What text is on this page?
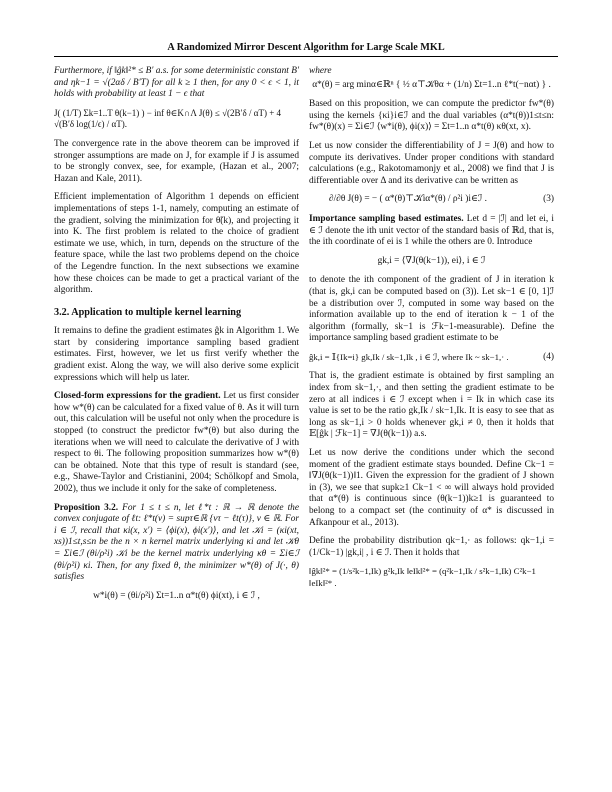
A Randomized Mirror Descent Algorithm for Large Scale MKL

Furthermore, if ‖ĝk‖²* ≤ B′ a.s. for some deterministic constant B′ and ηk−1 = √(2αδ / B′T) for all k ≥ 1 then, for any 0 < ϵ < 1, it holds with probability at least 1 − ϵ that

J( (1/T) Σk=1..T θ(k−1) ) − inf θ∈K∩Λ J(θ) ≤ √(2B′δ / αT) + 4 √(B′δ log(1/ϵ) / αT).

The convergence rate in the above theorem can be improved if stronger assumptions are made on J, for example if J is assumed to be strongly convex, see, for example, (Hazan et al., 2007; Hazan and Kale, 2011).

Efficient implementation of Algorithm 1 depends on efficient implementations of steps 1-1, namely, computing an estimate of the gradient, solving the minimization for θ̃(k), and projecting it into K. The first problem is related to the choice of gradient estimate we use, which, in turn, depends on the structure of the feature space, while the last two problems depend on the choice of the Legendre function. In the next subsections we examine how these choices can be made to get a practical variant of the algorithm.

3.2. Application to multiple kernel learning

It remains to define the gradient estimates ĝk in Algorithm 1. We start by considering importance sampling based gradient estimates. First, however, we let us first verify whether the gradient exist. Along the way, we will also derive some explicit expressions which will help us later.

Closed-form expressions for the gradient. Let us first consider how w*(θ) can be calculated for a fixed value of θ. As it will turn out, this calculation will be useful not only when the procedure is stopped (to construct the predictor fw*(θ) but also during the iterations when we will need to calculate the derivative of J with respect to θi. The following proposition summarizes how w*(θ) can be obtained. Note that this type of result is standard (see, e.g., Shawe-Taylor and Cristianini, 2004; Schölkopf and Smola, 2002), thus we include it only for the sake of completeness.

Proposition 3.2. For 1 ≤ t ≤ n, let ℓ*t : ℝ → ℝ denote the convex conjugate of ℓt: ℓ*t(v) = supτ∈ℝ {vτ − ℓt(τ)}, v ∈ ℝ. For i ∈ ℐ, recall that κi(x, x′) = ⟨ϕi(x), ϕi(x′)⟩, and let 𝒦i = (κi(xt, xs))1≤t,s≤n be the n × n kernel matrix underlying κi and let 𝒦θ = Σi∈ℐ (θi/ρ²i) 𝒦i be the kernel matrix underlying κθ = Σi∈ℐ (θi/ρ²i) κi. Then, for any fixed θ, the minimizer w*(θ) of J(·, θ) satisfies

w*i(θ) = (θi/ρ²i) Σt=1..n α*t(θ) ϕi(xt), i ∈ ℐ ,

where

α*(θ) = arg minα∈ℝⁿ { ½ α⊤𝒦θα + (1/n) Σt=1..n ℓ*t(−nαt) } .

Based on this proposition, we can compute the predictor fw*(θ) using the kernels {κi}i∈ℐ and the dual variables (α*t(θ))1≤t≤n: fw*(θ)(x) = Σi∈ℐ ⟨w*i(θ), ϕi(x)⟩ = Σt=1..n α*t(θ) κθ(xt, x).

Let us now consider the differentiability of J = J(θ) and how to compute its derivatives. Under proper conditions with standard calculations (e.g., Rakotomamonjy et al., 2008) we find that J is differentiable over Δ and its derivative can be written as

∂/∂θ J(θ) = − ( α*(θ)⊤𝒦iα*(θ) / ρ²i )i∈ℐ .	(3)

Importance sampling based estimates. Let d = |ℐ| and let ei, i ∈ ℐ denote the ith unit vector of the standard basis of ℝd, that is, the ith coordinate of ei is 1 while the others are 0. Introduce

gk,i = ⟨∇J(θ(k−1)), ei⟩, i ∈ ℐ

to denote the ith component of the gradient of J in iteration k (that is, gk,i can be computed based on (3)). Let sk−1 ∈ [0, 1]ℐ be a distribution over ℐ, computed in some way based on the information available up to the end of iteration k − 1 of the algorithm (formally, sk−1 is ℱk−1-measurable). Define the importance sampling based gradient estimate to be

ĝk,i = 𝕀{Ik=i} gk,Ik / sk−1,Ik , i ∈ ℐ, where Ik ~ sk−1,· .	(4)

That is, the gradient estimate is obtained by first sampling an index from sk−1,·, and then setting the gradient estimate to be zero at all indices i ∈ ℐ except when i = Ik in which case its value is set to be the ratio gk,Ik / sk−1,Ik. It is easy to see that as long as sk−1,i > 0 holds whenever gk,i ≠ 0, then it holds that 𝔼[ĝk | ℱk−1] = ∇J(θ(k−1)) a.s.

Let us now derive the conditions under which the second moment of the gradient estimate stays bounded. Define Ck−1 = ‖∇J(θ(k−1))‖1. Given the expression for the gradient of J shown in (3), we see that supk≥1 Ck−1 < ∞ will always hold provided that α*(θ) is continuous since (θ(k−1))k≥1 is guaranteed to belong to a compact set (the continuity of α* is discussed in Afkanpour et al., 2013).

Define the probability distribution qk−1,· as follows: qk−1,i = (1/Ck−1) |gk,i| , i ∈ ℐ. Then it holds that

‖ĝk‖²* = (1/s²k−1,Ik) g²k,Ik ‖eIk‖²* = (q²k−1,Ik / s²k−1,Ik) C²k−1 ‖eIk‖²* .
